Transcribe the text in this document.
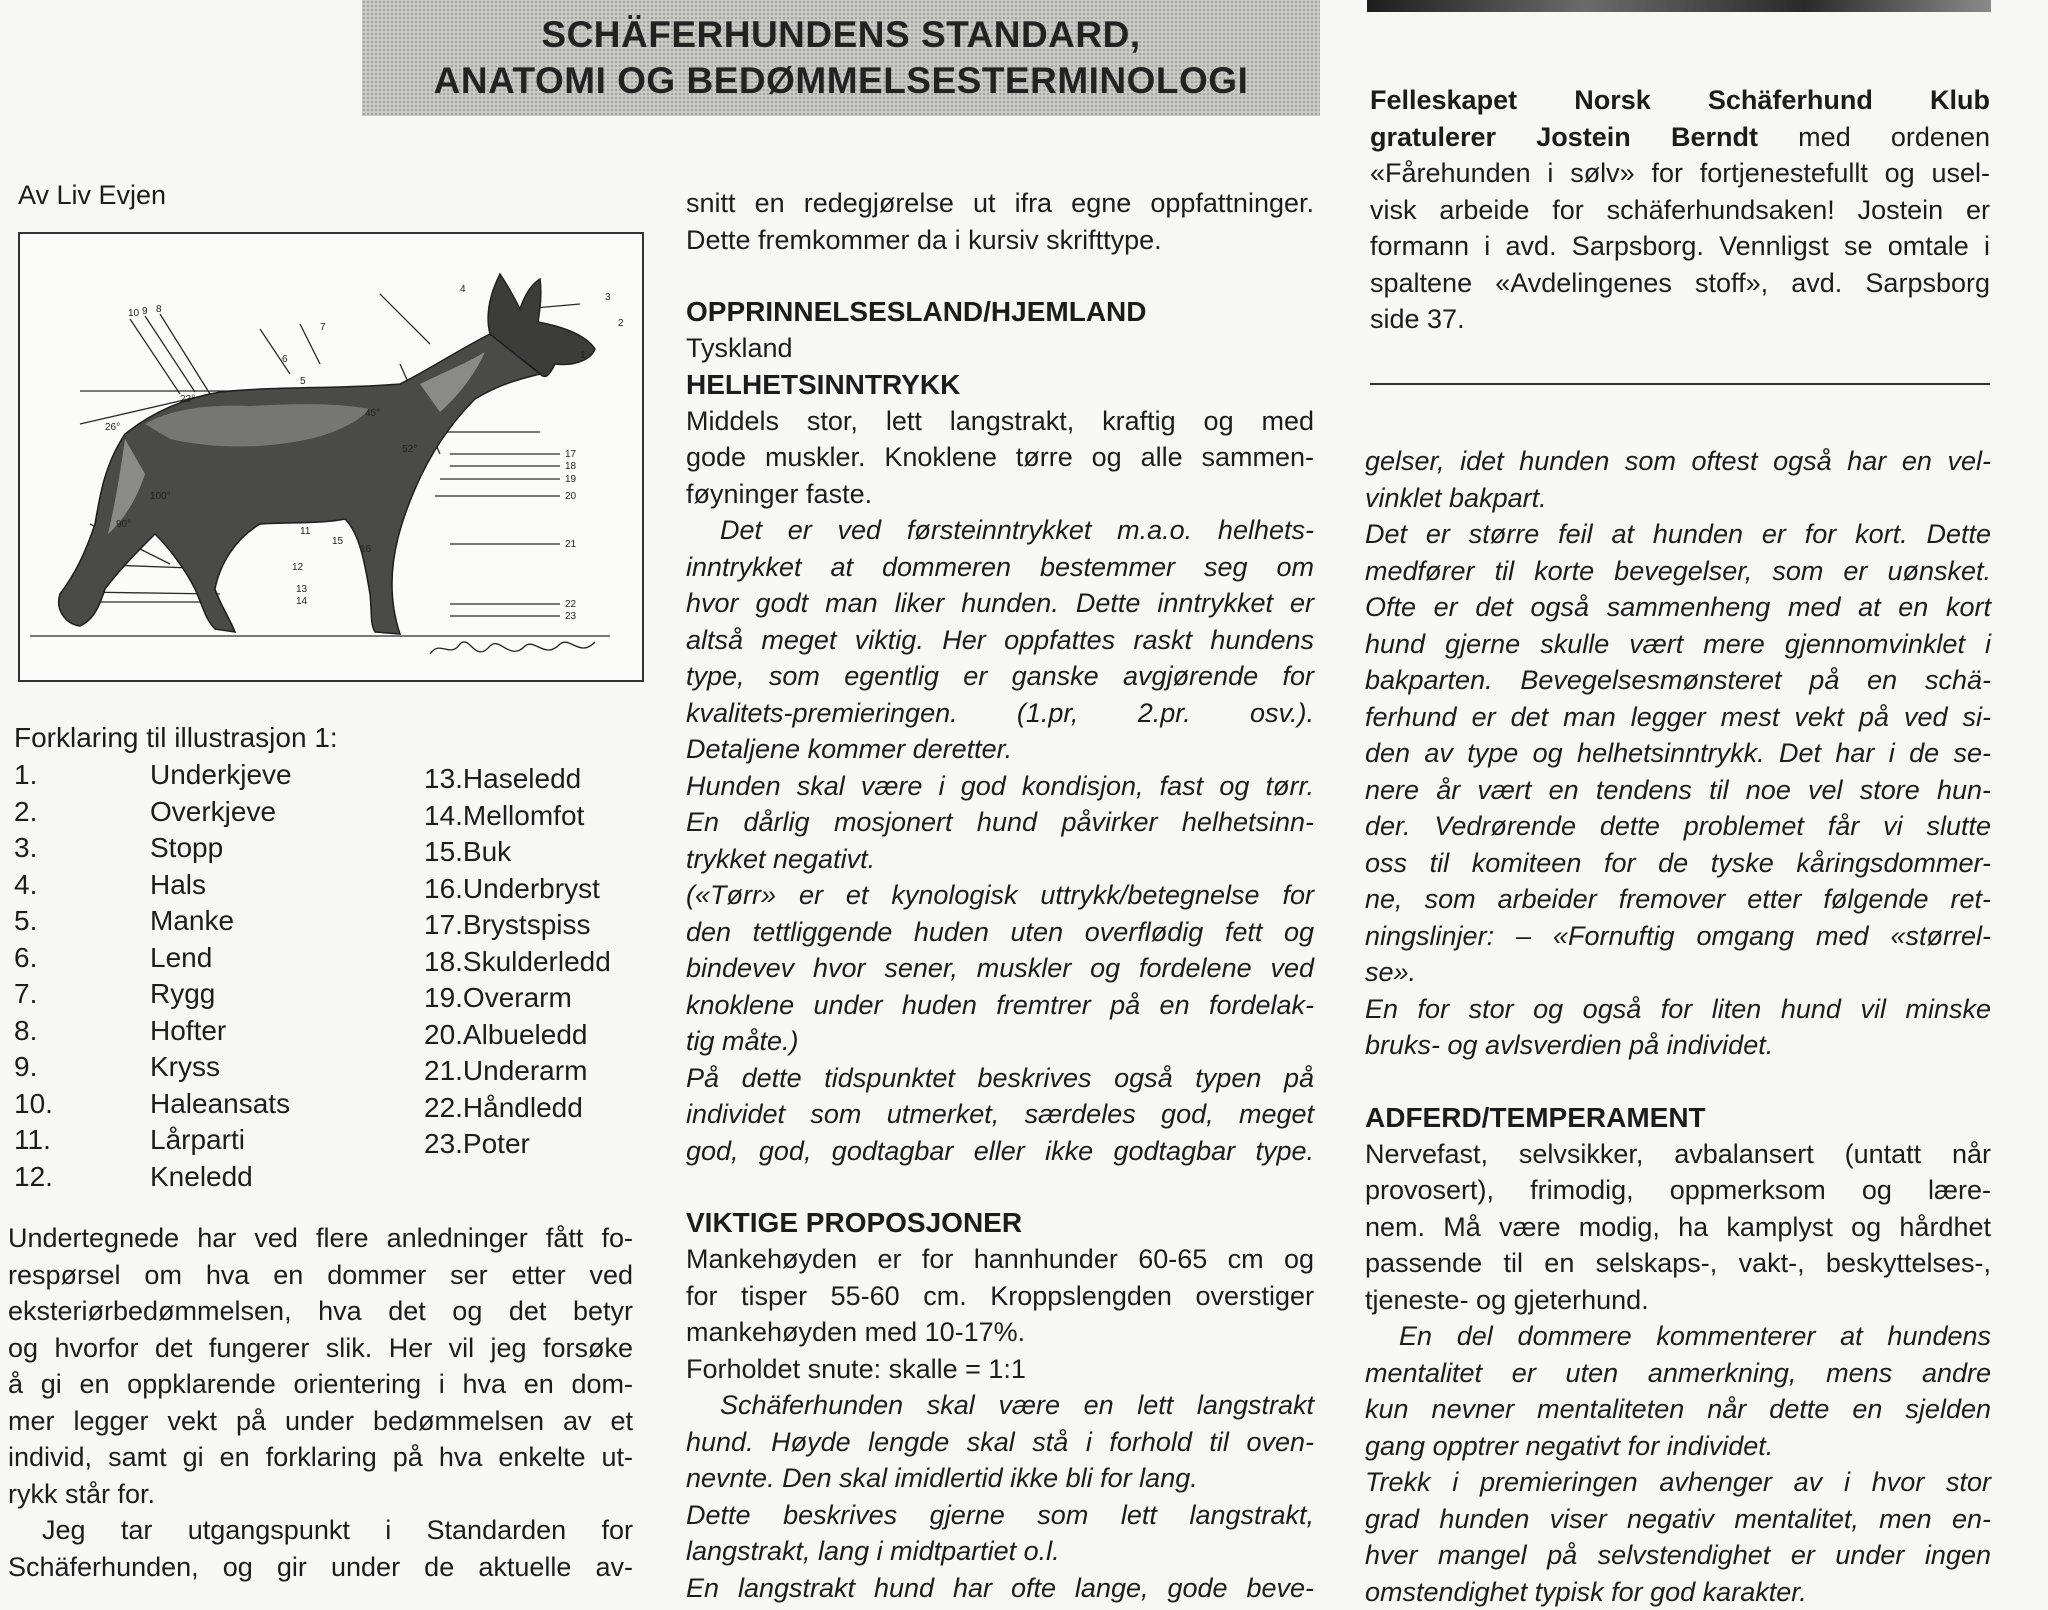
SCHÄFERHUNDENS STANDARD,
ANATOMI OG BEDØMMELSESTERMINOLOGI
Av Liv Evjen
26°
23°
45°
52°
90°
100°
10 9 8
7
6
5
4
3
2
1
17
18
19
20
21
22
23
11
15
16
12
13
14
Forklaring til illustrasjon 1:
1.
2.
3.
4.
5.
6.
7.
8.
9.
10.
11.
12.
Underkjeve
Overkjeve
Stopp
Hals
Manke
Lend
Rygg
Hofter
Kryss
Haleansats
Lårparti
Kneledd
13.Haseledd
14.Mellomfot
15.Buk
16.Underbryst
17.Brystspiss
18.Skulderledd
19.Overarm
20.Albueledd
21.Underarm
22.Håndledd
23.Poter
Undertegnede har ved flere anledninger fått fo-
respørsel om hva en dommer ser etter ved
eksteriørbedømmelsen, hva det og det betyr
og hvorfor det fungerer slik. Her vil jeg forsøke
å gi en oppklarende orientering i hva en dom-
mer legger vekt på under bedømmelsen av et
individ, samt gi en forklaring på hva enkelte ut-
rykk står for.
Jeg tar utgangspunkt i Standarden for
Schäferhunden, og gir under de aktuelle av-
snitt en redegjørelse ut ifra egne oppfattninger.
Dette fremkommer da i kursiv skrifttype.
OPPRINNELSESLAND/HJEMLAND
Tyskland
HELHETSINNTRYKK
Middels stor, lett langstrakt, kraftig og med
gode muskler. Knoklene tørre og alle sammen-
føyninger faste.
Det er ved førsteinntrykket m.a.o. helhets-
inntrykket at dommeren bestemmer seg om
hvor godt man liker hunden. Dette inntrykket er
altså meget viktig. Her oppfattes raskt hundens
type, som egentlig er ganske avgjørende for
kvalitets-premieringen. (1.pr, 2.pr. osv.).
Detaljene kommer deretter.
Hunden skal være i god kondisjon, fast og tørr.
En dårlig mosjonert hund påvirker helhetsinn-
trykket negativt.
(«Tørr» er et kynologisk uttrykk/betegnelse for
den tettliggende huden uten overflødig fett og
bindevev hvor sener, muskler og fordelene ved
knoklene under huden fremtrer på en fordelak-
tig måte.)
På dette tidspunktet beskrives også typen på
individet som utmerket, særdeles god, meget
god, god, godtagbar eller ikke godtagbar type.
VIKTIGE PROPOSJONER
Mankehøyden er for hannhunder 60-65 cm og
for tisper 55-60 cm. Kroppslengden overstiger
mankehøyden med 10-17%.
Forholdet snute: skalle = 1:1
Schäferhunden skal være en lett langstrakt
hund. Høyde lengde skal stå i forhold til oven-
nevnte. Den skal imidlertid ikke bli for lang.
Dette beskrives gjerne som lett langstrakt,
langstrakt, lang i midtpartiet o.l.
En langstrakt hund har ofte lange, gode beve-
Felleskapet Norsk Schäferhund Klub
gratulerer Jostein Berndt med ordenen
«Fårehunden i sølv» for fortjenestefullt og usel-
visk arbeide for schäferhundsaken! Jostein er
formann i avd. Sarpsborg. Vennligst se omtale i
spaltene «Avdelingenes stoff», avd. Sarpsborg
side 37.
gelser, idet hunden som oftest også har en vel-
vinklet bakpart.
Det er større feil at hunden er for kort. Dette
medfører til korte bevegelser, som er uønsket.
Ofte er det også sammenheng med at en kort
hund gjerne skulle vært mere gjennomvinklet i
bakparten. Bevegelsesmønsteret på en schä-
ferhund er det man legger mest vekt på ved si-
den av type og helhetsinntrykk. Det har i de se-
nere år vært en tendens til noe vel store hun-
der. Vedrørende dette problemet får vi slutte
oss til komiteen for de tyske kåringsdommer-
ne, som arbeider fremover etter følgende ret-
ningslinjer: – «Fornuftig omgang med «størrel-
se».
En for stor og også for liten hund vil minske
bruks- og avlsverdien på individet.
ADFERD/TEMPERAMENT
Nervefast, selvsikker, avbalansert (untatt når
provosert), frimodig, oppmerksom og lære-
nem. Må være modig, ha kamplyst og hårdhet
passende til en selskaps-, vakt-, beskyttelses-,
tjeneste- og gjeterhund.
En del dommere kommenterer at hundens
mentalitet er uten anmerkning, mens andre
kun nevner mentaliteten når dette en sjelden
gang opptrer negativt for individet.
Trekk i premieringen avhenger av i hvor stor
grad hunden viser negativ mentalitet, men en-
hver mangel på selvstendighet er under ingen
omstendighet typisk for god karakter.
